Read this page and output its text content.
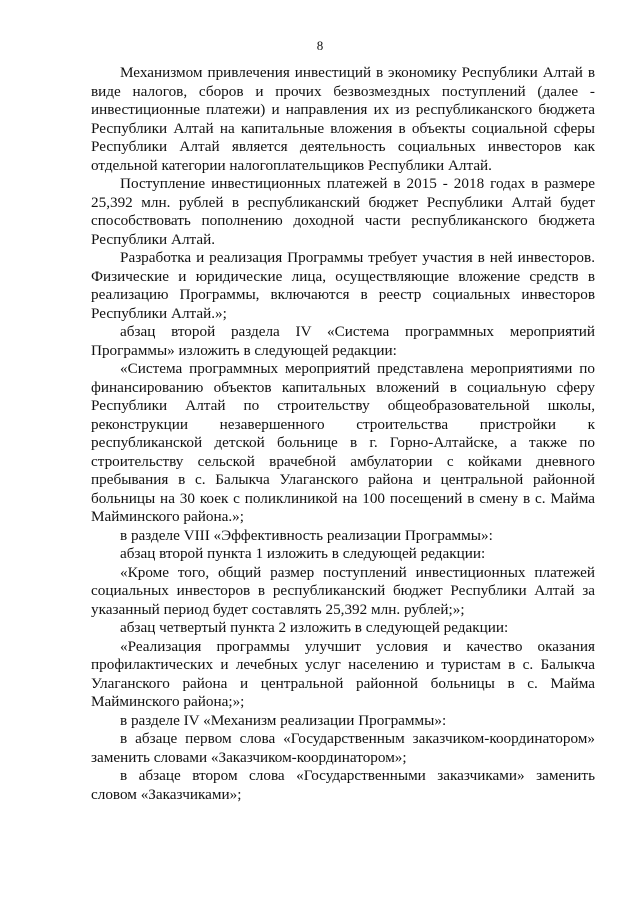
8

Механизмом привлечения инвестиций в экономику Республики Алтай в виде налогов, сборов и прочих безвозмездных поступлений (далее - инвестиционные платежи) и направления их из республиканского бюджета Республики Алтай на капитальные вложения в объекты социальной сферы Республики Алтай является деятельность социальных инвесторов как отдельной категории налогоплательщиков Республики Алтай.

Поступление инвестиционных платежей в 2015 - 2018 годах в размере 25,392 млн. рублей в республиканский бюджет Республики Алтай будет способствовать пополнению доходной части республиканского бюджета Республики Алтай.

Разработка и реализация Программы требует участия в ней инвесторов. Физические и юридические лица, осуществляющие вложение средств в реализацию Программы, включаются в реестр социальных инвесторов Республики Алтай.»;

абзац второй раздела IV «Система программных мероприятий Программы» изложить в следующей редакции:

«Система программных мероприятий представлена мероприятиями по финансированию объектов капитальных вложений в социальную сферу Республики Алтай по строительству общеобразовательной школы, реконструкции незавершенного строительства пристройки к республиканской детской больнице в г. Горно-Алтайске, а также по строительству сельской врачебной амбулатории с койками дневного пребывания в с. Балыкча Улаганского района и центральной районной больницы на 30 коек с поликлиникой на 100 посещений в смену в с. Майма Майминского района.»;

в разделе VIII «Эффективность реализации Программы»:

абзац второй пункта 1 изложить в следующей редакции:

«Кроме того, общий размер поступлений инвестиционных платежей социальных инвесторов в республиканский бюджет Республики Алтай за указанный период будет составлять 25,392 млн. рублей;»;

абзац четвертый пункта 2 изложить в следующей редакции:

«Реализация программы улучшит условия и качество оказания профилактических и лечебных услуг населению и туристам в с. Балыкча Улаганского района и центральной районной больницы в с. Майма Майминского района;»;

в разделе IV «Механизм реализации Программы»:

в абзаце первом слова «Государственным заказчиком-координатором» заменить словами «Заказчиком-координатором»;

в абзаце втором слова «Государственными заказчиками» заменить словом «Заказчиками»;
